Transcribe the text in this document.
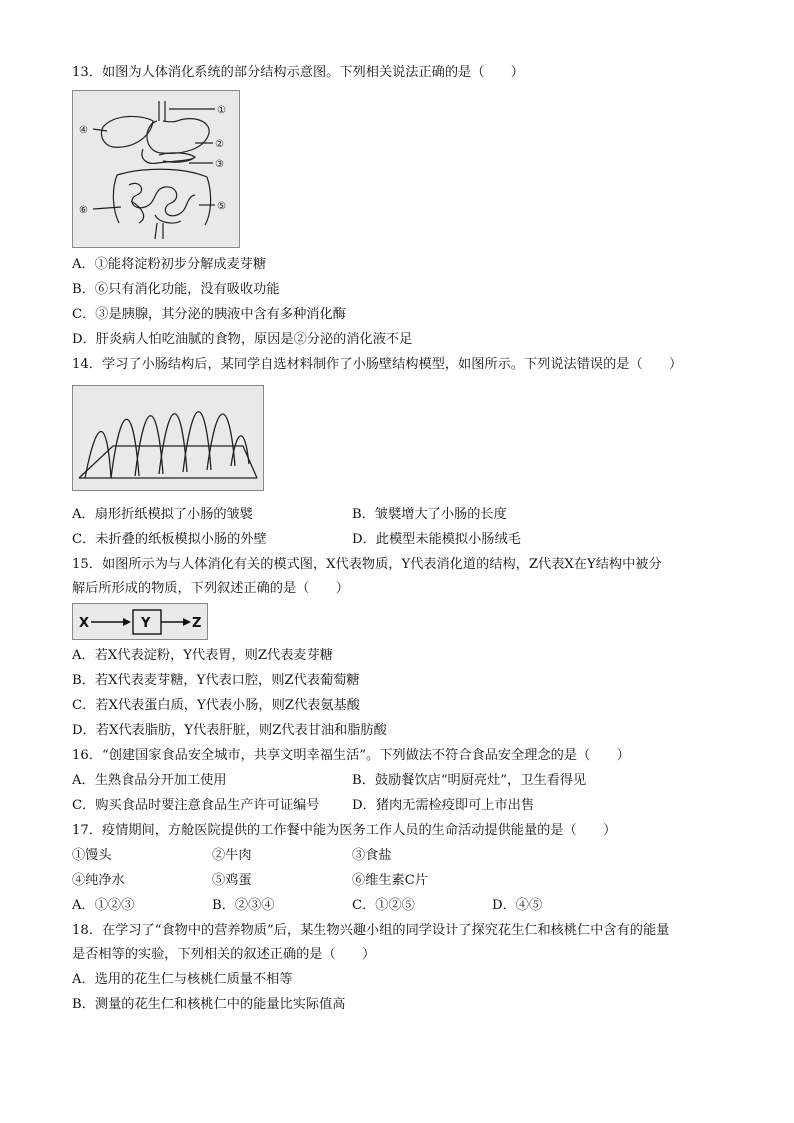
13．如图为人体消化系统的部分结构示意图。下列相关说法正确的是（　　）
①
②
③
④
⑤
⑥
A．①能将淀粉初步分解成麦芽糖
B．⑥只有消化功能，没有吸收功能
C．③是胰腺，其分泌的胰液中含有多种消化酶
D．肝炎病人怕吃油腻的食物，原因是②分泌的消化液不足
14．学习了小肠结构后，某同学自选材料制作了小肠壁结构模型，如图所示。下列说法错误的是（　　）
A．扇形折纸模拟了小肠的皱襞	B．皱襞增大了小肠的长度
C．未折叠的纸板模拟小肠的外壁	D．此模型未能模拟小肠绒毛
15．如图所示为与人体消化有关的模式图，X代表物质，Y代表消化道的结构，Z代表X在Y结构中被分
解后所形成的物质，下列叙述正确的是（　　）
X	Y	Z
A．若X代表淀粉，Y代表胃，则Z代表麦芽糖
B．若X代表麦芽糖，Y代表口腔，则Z代表葡萄糖
C．若X代表蛋白质，Y代表小肠，则Z代表氨基酸
D．若X代表脂肪，Y代表肝脏，则Z代表甘油和脂肪酸
16．“创建国家食品安全城市，共享文明幸福生活”。下列做法不符合食品安全理念的是（　　）
A．生熟食品分开加工使用	B．鼓励餐饮店“明厨亮灶”，卫生看得见
C．购买食品时要注意食品生产许可证编号 D．猪肉无需检疫即可上市出售
17．疫情期间，方舱医院提供的工作餐中能为医务工作人员的生命活动提供能量的是（　　）
①馒头	②牛肉	③食盐
④纯净水	⑤鸡蛋	⑥维生素C片
A．①②③	B．②③④	C．①②⑤	D．④⑤
18．在学习了“食物中的营养物质”后，某生物兴趣小组的同学设计了探究花生仁和核桃仁中含有的能量
是否相等的实验，下列相关的叙述正确的是（　　）
A．选用的花生仁与核桃仁质量不相等
B．测量的花生仁和核桃仁中的能量比实际值高
